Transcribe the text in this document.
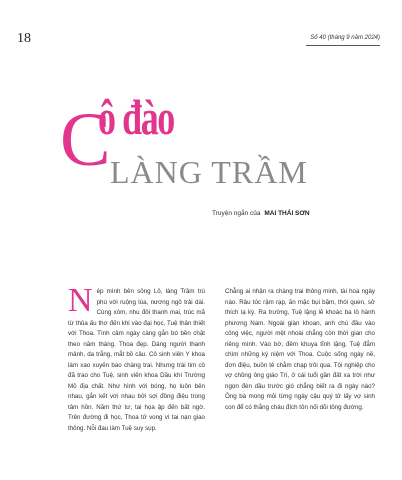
18	Số 40 (tháng 9 năm 2024)
C
ô đào
LÀNG TRẦM
Truyện ngắn của MAI THÁI SƠN
N ép mình bên sông Lô, làng Trầm trù phú với ruộng lúa, nương ngô trải dài. Cùng xóm, nhu đôi thanh mai, trúc mã từ thủa ấu thơ đến khi vào đại học, Tuệ thân thiết với Thoa. Tình cảm ngày càng gắn bó bền chặt theo năm tháng. Thoa đẹp. Dáng người thanh mảnh, da trắng, mắt bồ câu. Cô sinh viên Y khoa làm xao xuyến bao chàng trai. Nhưng trái tim cô đã trao cho Tuệ, sinh viên khoa Dầu khí Trường Mỏ địa chất. Như hình với bóng, họ luôn bên nhau, gắn kết với nhau bởi sợi đồng điệu trong tâm hồn. Năm thứ tư, tai họa ập đến bất ngờ. Trên đường đi học, Thoa tử vong vì tai nạn giao thông. Nỗi đau làm Tuệ suy sụp.
Chẳng ai nhận ra chàng trai thông minh, tài hoa ngày nào. Râu tóc rậm rạp, ăn mặc bụi bặm, thói quen, sở thích lạ kỳ. Ra trường, Tuệ lặng lẽ khoác ba lô hành phương Nam. Ngoài giàn khoan, anh chú đầu vào công việc, người mệt nhoài chẳng còn thời gian cho riêng mình. Vào bờ, đêm khuya tĩnh lặng, Tuệ đắm chìm những ký niệm với Thoa. Cuộc sống ngày nề, đơn điệu, buồn tẻ chằm chạp trôi qua. Tội nghiệp cho vợ chồng ông giáo Trí, ở cái tuổi gần đất xa trời như ngọn đèn dầu trước gió chẳng biết ra đi ngày nào? Ông bà mong mỏi từng ngày cậu quý tử lấy vợ sinh con để có thằng cháu đích tôn nối dõi tông đường.
